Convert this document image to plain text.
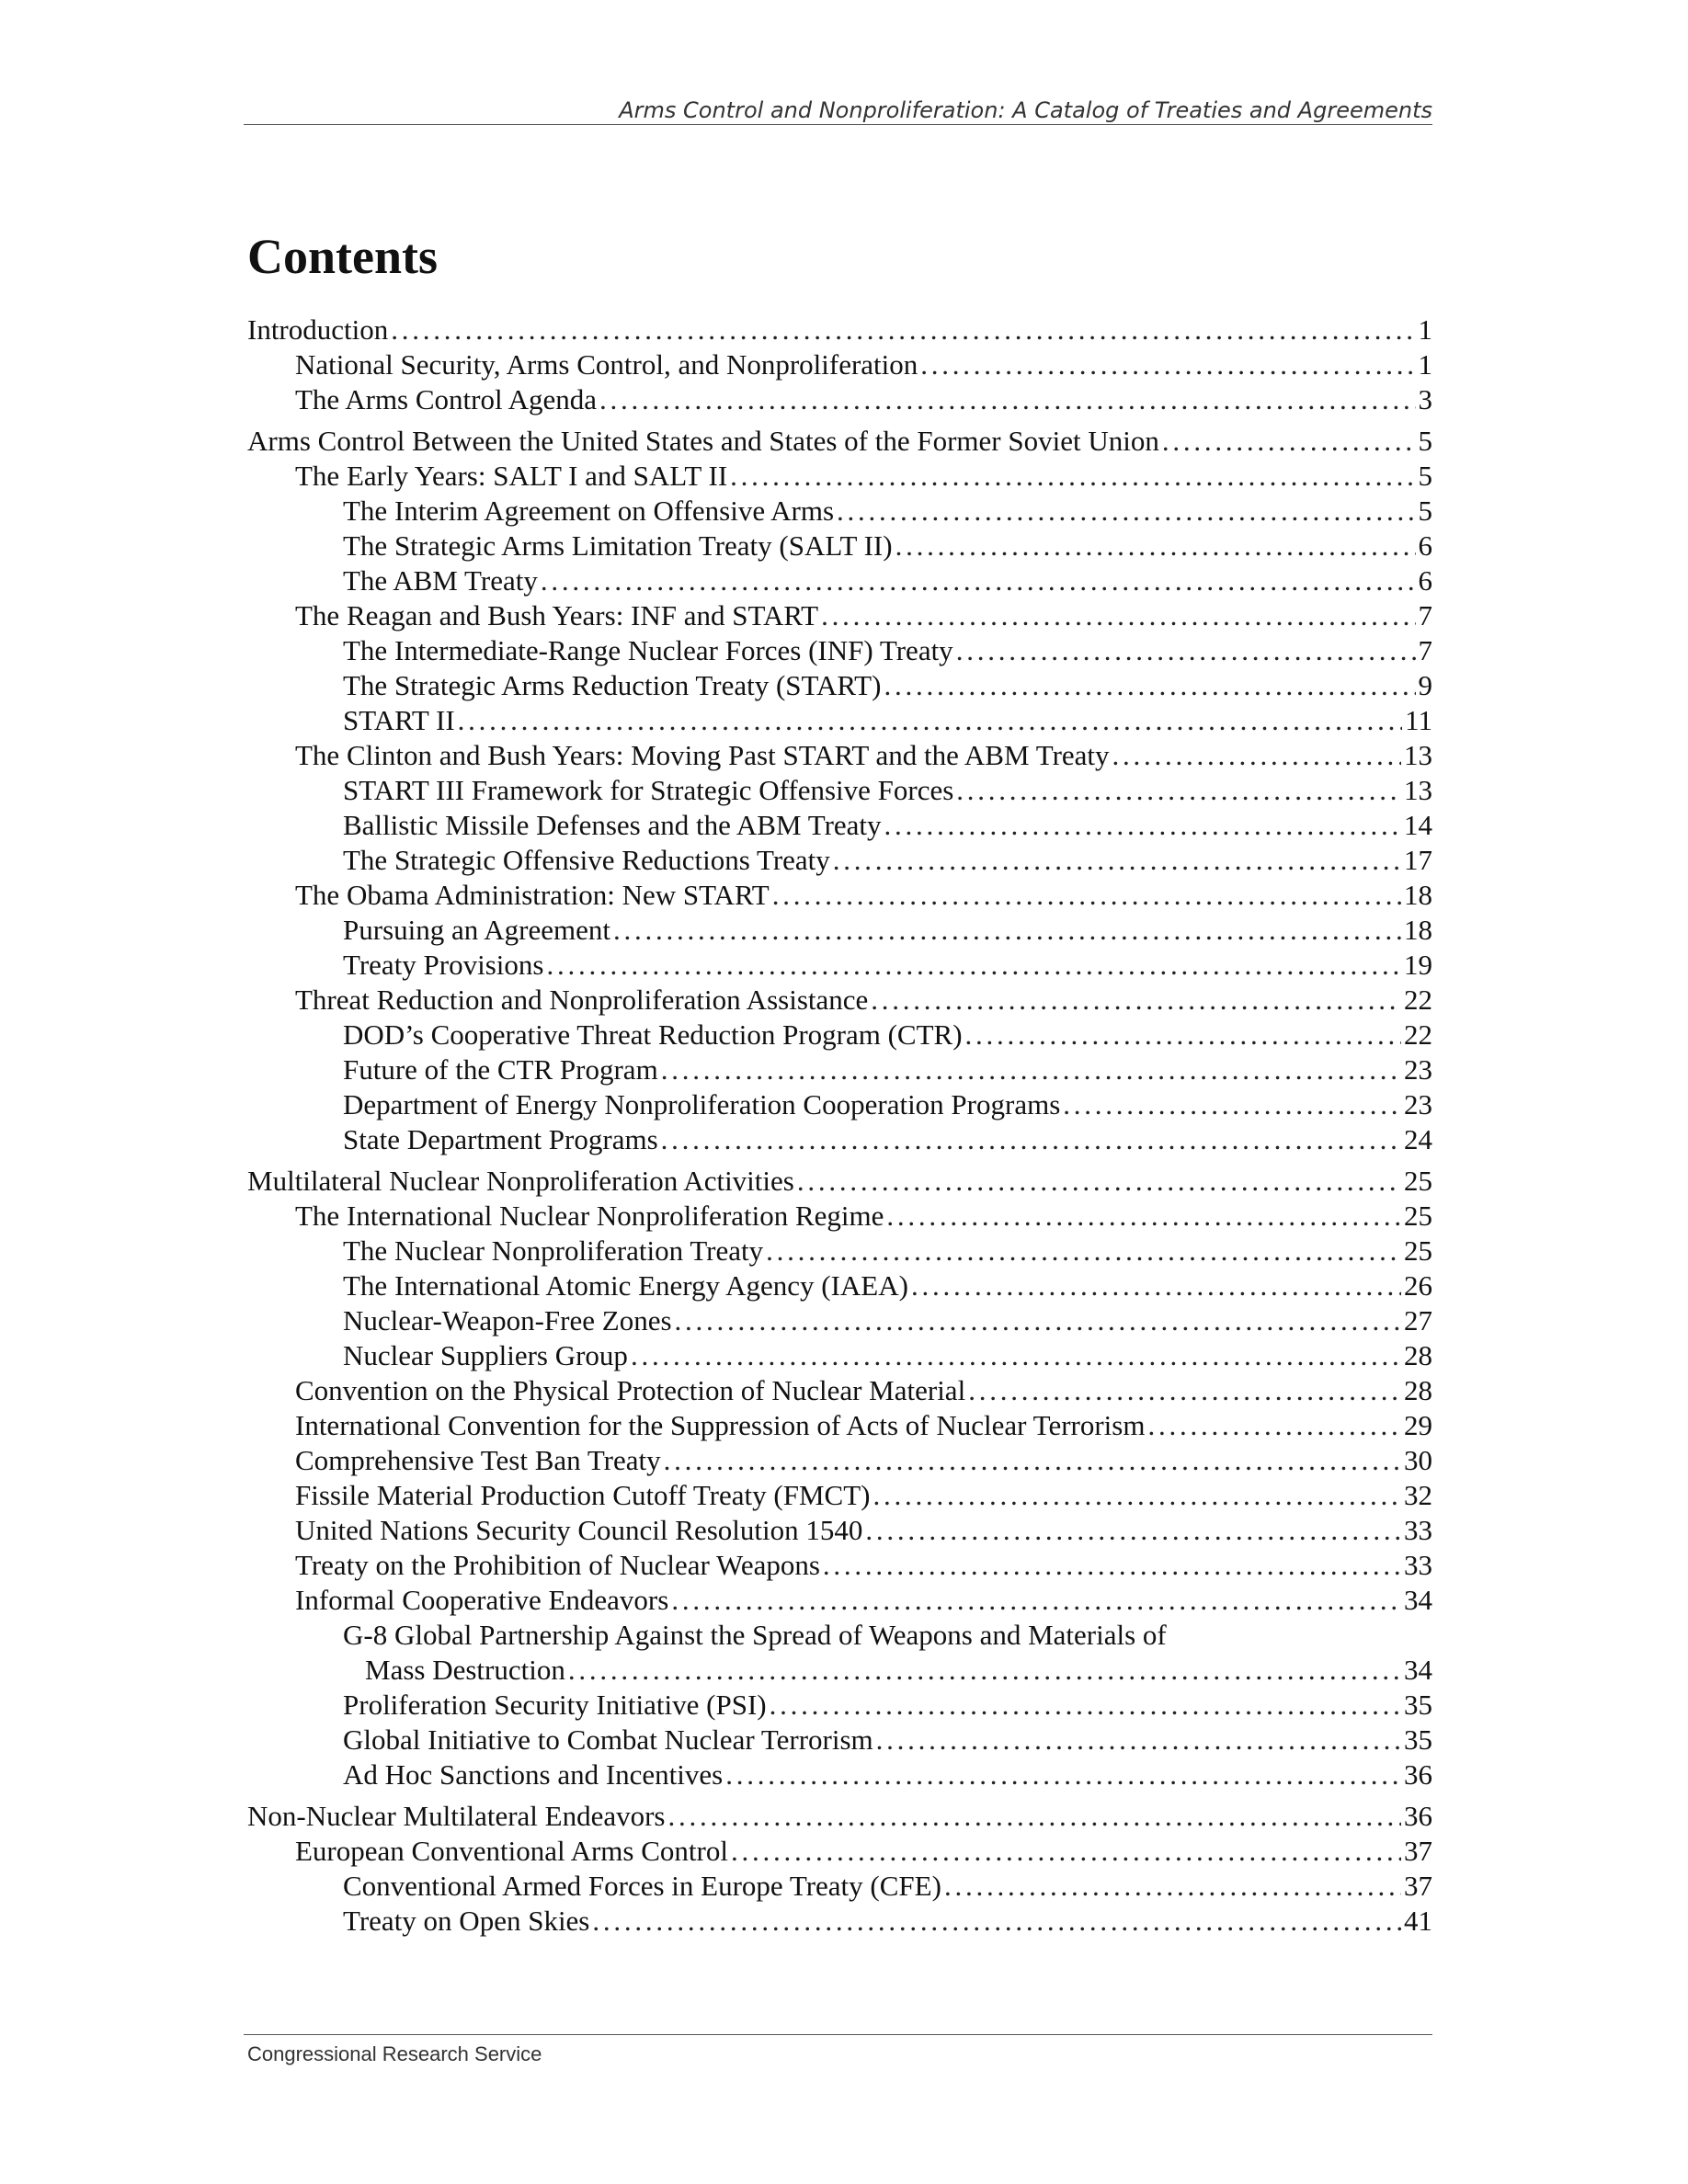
Arms Control and Nonproliferation: A Catalog of Treaties and Agreements
Contents
Introduction . . .	1
National Security, Arms Control, and Nonproliferation . . .	1
The Arms Control Agenda . . .	3
Arms Control Between the United States and States of the Former Soviet Union . . .	5
The Early Years: SALT I and SALT II . . .	5
The Interim Agreement on Offensive Arms . . .	5
The Strategic Arms Limitation Treaty (SALT II) . . .	6
The ABM Treaty . . .	6
The Reagan and Bush Years: INF and START . . .	7
The Intermediate-Range Nuclear Forces (INF) Treaty . . .	7
The Strategic Arms Reduction Treaty (START) . . .	9
START II . . .	11
The Clinton and Bush Years: Moving Past START and the ABM Treaty . . .	13
START III Framework for Strategic Offensive Forces . . .	13
Ballistic Missile Defenses and the ABM Treaty . . .	14
The Strategic Offensive Reductions Treaty . . .	17
The Obama Administration: New START . . .	18
Pursuing an Agreement . . .	18
Treaty Provisions . . .	19
Threat Reduction and Nonproliferation Assistance . . .	22
DOD’s Cooperative Threat Reduction Program (CTR) . . .	22
Future of the CTR Program . . .	23
Department of Energy Nonproliferation Cooperation Programs . . .	23
State Department Programs . . .	24
Multilateral Nuclear Nonproliferation Activities . . .	25
The International Nuclear Nonproliferation Regime . . .	25
The Nuclear Nonproliferation Treaty . . .	25
The International Atomic Energy Agency (IAEA) . . .	26
Nuclear-Weapon-Free Zones . . .	27
Nuclear Suppliers Group . . .	28
Convention on the Physical Protection of Nuclear Material . . .	28
International Convention for the Suppression of Acts of Nuclear Terrorism . . .	29
Comprehensive Test Ban Treaty . . .	30
Fissile Material Production Cutoff Treaty (FMCT) . . .	32
United Nations Security Council Resolution 1540 . . .	33
Treaty on the Prohibition of Nuclear Weapons . . .	33
Informal Cooperative Endeavors . . .	34
G-8 Global Partnership Against the Spread of Weapons and Materials of
Mass Destruction . . .	34
Proliferation Security Initiative (PSI) . . .	35
Global Initiative to Combat Nuclear Terrorism . . .	35
Ad Hoc Sanctions and Incentives . . .	36
Non-Nuclear Multilateral Endeavors . . .	36
European Conventional Arms Control . . .	37
Conventional Armed Forces in Europe Treaty (CFE) . . .	37
Treaty on Open Skies . . .	41
Congressional Research Service
